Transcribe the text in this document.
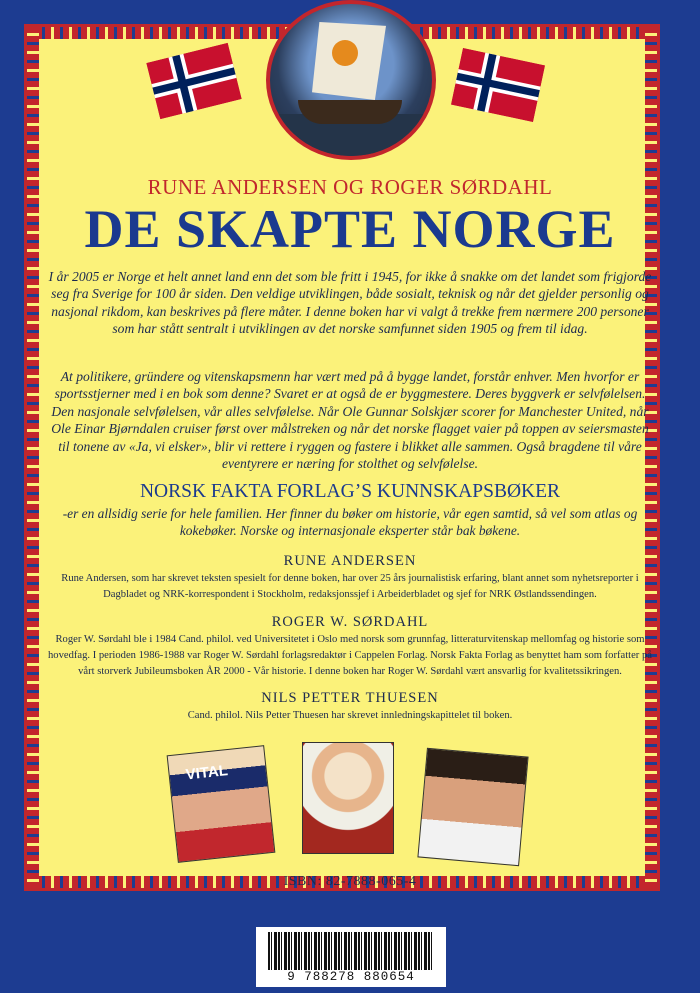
RUNE ANDERSEN OG ROGER SØRDAHL
DE SKAPTE NORGE

I år 2005 er Norge et helt annet land enn det som ble fritt i 1945, for ikke å snakke om det landet som frigjorde seg fra Sverige for 100 år siden. Den veldige utviklingen, både sosialt, teknisk og når det gjelder personlig og nasjonal rikdom, kan beskrives på flere måter. I denne boken har vi valgt å trekke frem nærmere 200 personer som har stått sentralt i utviklingen av det norske samfunnet siden 1905 og frem til idag.

At politikere, gründere og vitenskapsmenn har vært med på å bygge landet, forstår enhver. Men hvorfor er sportsstjerner med i en bok som denne? Svaret er at også de er byggmestere. Deres byggverk er selvfølelsen. Den nasjonale selvfølelsen, vår alles selvfølelse. Når Ole Gunnar Solskjær scorer for Manchester United, når Ole Einar Bjørndalen cruiser først over målstreken og når det norske flagget vaier på toppen av seiersmasten til tonene av «Ja, vi elsker», blir vi rettere i ryggen og fastere i blikket alle sammen. Også bragdene til våre eventyrere er næring for stolthet og selvfølelse.

NORSK FAKTA FORLAG’S KUNNSKAPSBØKER

-er en allsidig serie for hele familien. Her finner du bøker om historie, vår egen samtid, så vel som atlas og kokebøker. Norske og internasjonale eksperter står bak bøkene.

RUNE ANDERSEN

Rune Andersen, som har skrevet teksten spesielt for denne boken, har over 25 års journalistisk erfaring, blant annet som nyhetsreporter i Dagbladet og NRK-korrespondent i Stockholm, redaksjonssjef i Arbeiderbladet og sjef for NRK Østlandssendingen.

ROGER W. SØRDAHL

Roger W. Sørdahl ble i 1984 Cand. philol. ved Universitetet i Oslo med norsk som grunnfag, litteraturvitenskap mellomfag og historie som hovedfag. I perioden 1986-1988 var Roger W. Sørdahl forlagsredaktør i Cappelen Forlag. Norsk Fakta Forlag as benyttet ham som forfatter på vårt storverk Jubileumsboken ÅR 2000 - Vår historie. I denne boken har Roger W. Sørdahl vært ansvarlig for kvalitetssikringen.

NILS PETTER THUESEN

Cand. philol. Nils Petter Thuesen har skrevet innledningskapittelet til boken.

VITAL
ISBN: 82-7888-065-4
9 788278 880654
